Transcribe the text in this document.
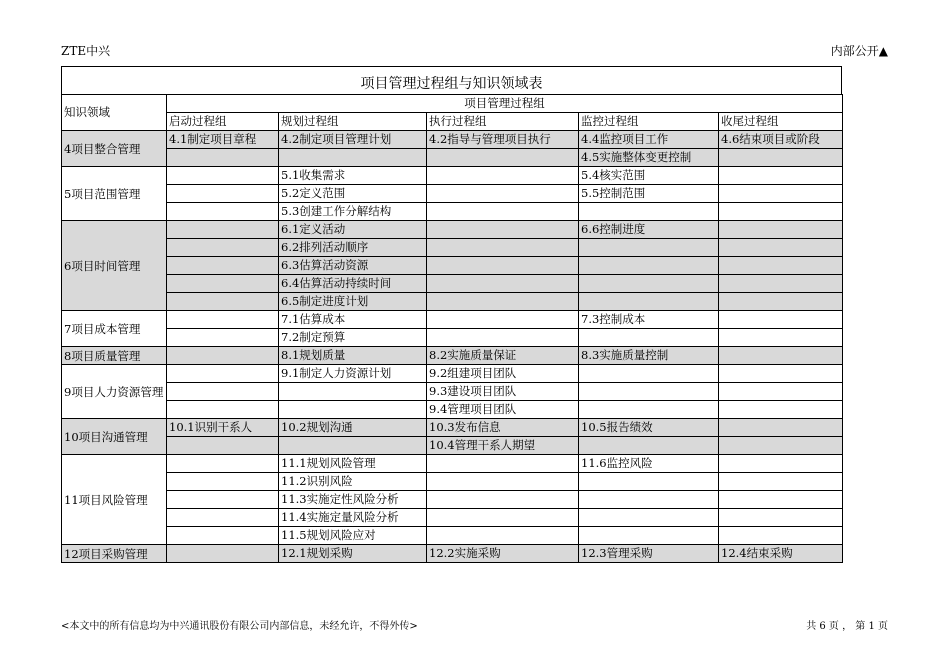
ZTE中兴	内部公开▲
项目管理过程组与知识领域表
知识领域	项目管理过程组				
	启动过程组	规划过程组	执行过程组	监控过程组	收尾过程组
4项目整合管理	4.1制定项目章程	4.2制定项目管理计划	4.2指导与管理项目执行	4.4监控项目工作	4.6结束项目或阶段
				4.5实施整体变更控制	
5项目范围管理		5.1收集需求		5.4核实范围	
		5.2定义范围		5.5控制范围	
		5.3创建工作分解结构			
6项目时间管理		6.1定义活动		6.6控制进度	
		6.2排列活动顺序			
		6.3估算活动资源			
		6.4估算活动持续时间			
		6.5制定进度计划			
7项目成本管理		7.1估算成本		7.3控制成本	
		7.2制定预算			
8项目质量管理		8.1规划质量	8.2实施质量保证	8.3实施质量控制	
9项目人力资源管理		9.1制定人力资源计划	9.2组建项目团队		
			9.3建设项目团队		
			9.4管理项目团队		
10项目沟通管理	10.1识别干系人	10.2规划沟通	10.3发布信息	10.5报告绩效	
			10.4管理干系人期望		
11项目风险管理		11.1规划风险管理		11.6监控风险	
		11.2识别风险			
		11.3实施定性风险分析			
		11.4实施定量风险分析			
		11.5规划风险应对			
12项目采购管理		12.1规划采购	12.2实施采购	12.3管理采购	12.4结束采购
<本文中的所有信息均为中兴通讯股份有限公司内部信息，未经允许，不得外传>	共 6 页 ， 第 1 页
